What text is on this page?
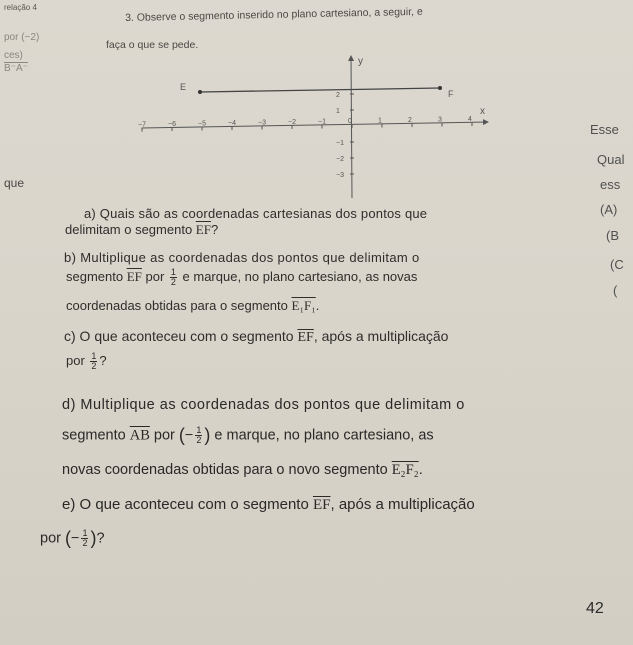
relação 4
por (−2)
ces)
B⁻A⁻
que
Esse
Qual
ess
(A)
(B
(C
(
3. Observe o segmento inserido no plano cartesiano, a seguir, e
faça o que se pede.
E
F
y
x
−7	−6	−5	−4	−3	−2	−1	0	1	2	3	4
2
1
−1
−2
−3
a) Quais são as coordenadas cartesianas dos pontos que
delimitam o segmento $\overline{EF}$?
b) Multiplique as coordenadas dos pontos que delimitam o
segmento $\overline{EF}$ por $\frac{1}{2}$ e marque, no plano cartesiano, as novas
coordenadas obtidas para o segmento E₁F₁.
c) O que aconteceu com o segmento $\overline{EF}$, após a multiplicação
por $\frac{1}{2}$ ?
d) Multiplique as coordenadas dos pontos que delimitam o
segmento $\overline{AB}$ por (− $\frac{1}{2}$ ) e marque, no plano cartesiano, as
novas coordenadas obtidas para o novo segmento E₂F₂.
e) O que aconteceu com o segmento $\overline{EF}$, após a multiplicação
por (− $\frac{1}{2}$ )?
42
